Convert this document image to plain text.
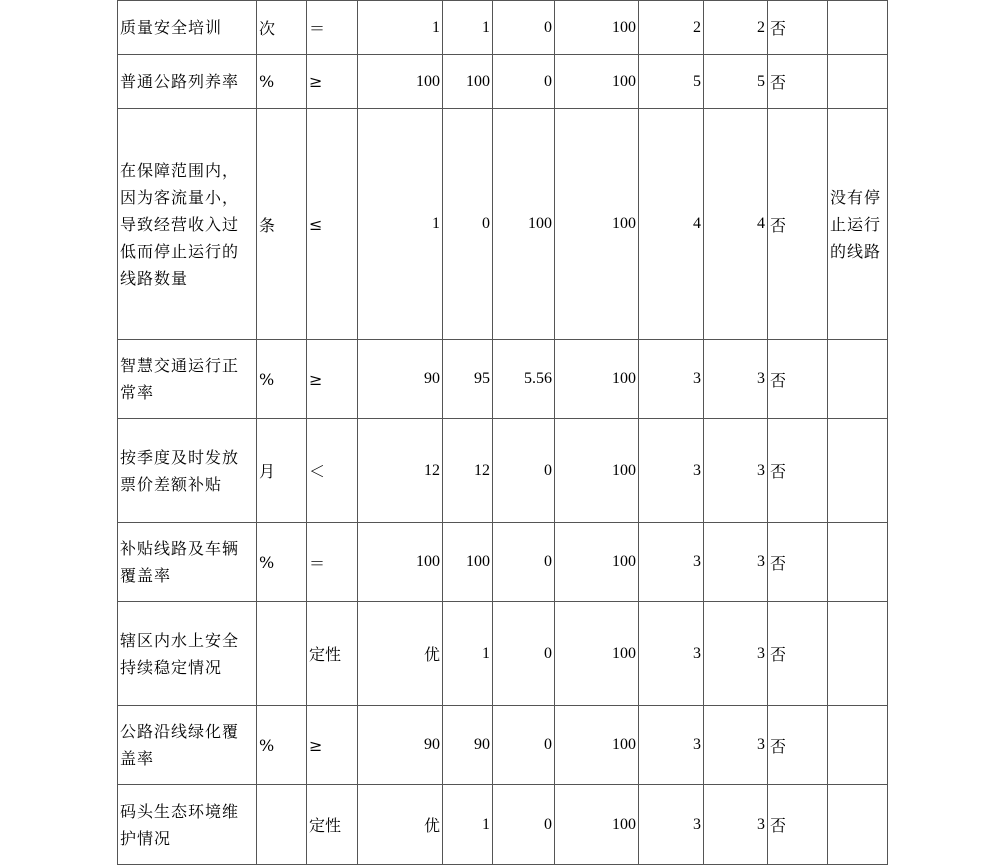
质量安全培训	次	＝	1	1	0	100	2	2	否	
普通公路列养率	%	≥	100	100	0	100	5	5	否	
在保障范围内，因为客流量小，导致经营收入过低而停止运行的线路数量	条	≤	1	0	100	100	4	4	否	没有停止运行的线路
智慧交通运行正常率	%	≥	90	95	5.56	100	3	3	否	
按季度及时发放票价差额补贴	月	＜	12	12	0	100	3	3	否	
补贴线路及车辆覆盖率	%	＝	100	100	0	100	3	3	否	
辖区内水上安全持续稳定情况		定性	优	1	0	100	3	3	否	
公路沿线绿化覆盖率	%	≥	90	90	0	100	3	3	否	
码头生态环境维护情况		定性	优	1	0	100	3	3	否	
